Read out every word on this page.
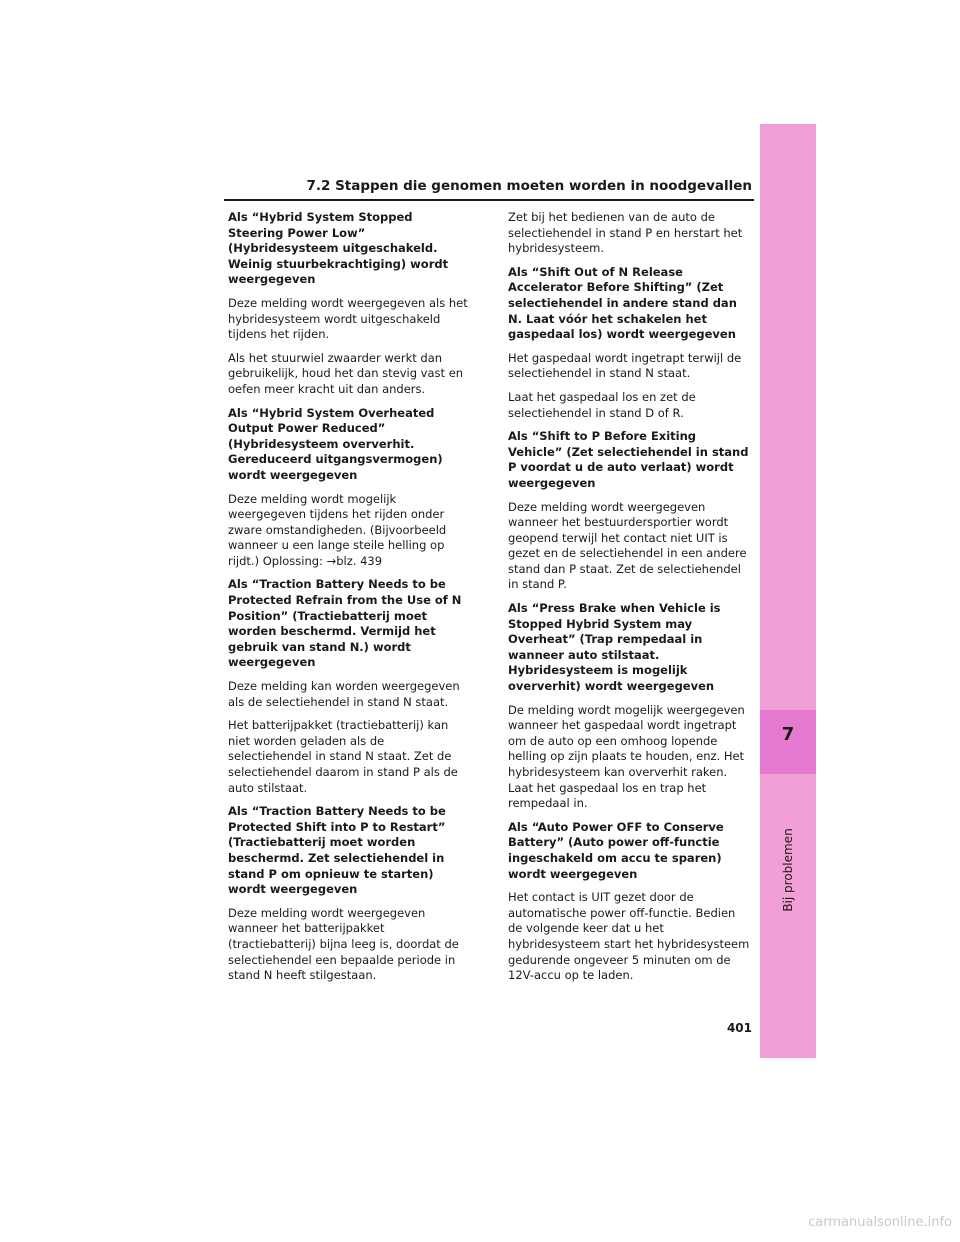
7.2 Stappen die genomen moeten worden in noodgevallen
7
Bij problemen

Als “Hybrid System Stopped Steering Power Low” (Hybridesysteem uitgeschakeld. Weinig stuurbekrachtiging) wordt weergegeven

Deze melding wordt weergegeven als het hybridesysteem wordt uitgeschakeld tijdens het rijden.

Als het stuurwiel zwaarder werkt dan gebruikelijk, houd het dan stevig vast en oefen meer kracht uit dan anders.

Als “Hybrid System Overheated Output Power Reduced” (Hybridesysteem oververhit. Gereduceerd uitgangsvermogen) wordt weergegeven

Deze melding wordt mogelijk weergegeven tijdens het rijden onder zware omstandigheden. (Bijvoorbeeld wanneer u een lange steile helling op rijdt.) Oplossing: →blz. 439

Als “Traction Battery Needs to be Protected Refrain from the Use of N Position” (Tractiebatterij moet worden beschermd. Vermijd het gebruik van stand N.) wordt weergegeven

Deze melding kan worden weergegeven als de selectiehendel in stand N staat.

Het batterijpakket (tractiebatterij) kan niet worden geladen als de selectiehendel in stand N staat. Zet de selectiehendel daarom in stand P als de auto stilstaat.

Als “Traction Battery Needs to be Protected Shift into P to Restart” (Tractiebatterij moet worden beschermd. Zet selectiehendel in stand P om opnieuw te starten) wordt weergegeven

Deze melding wordt weergegeven wanneer het batterijpakket (tractiebatterij) bijna leeg is, doordat de selectiehendel een bepaalde periode in stand N heeft stilgestaan.

Zet bij het bedienen van de auto de selectiehendel in stand P en herstart het hybridesysteem.

Als “Shift Out of N Release Accelerator Before Shifting” (Zet selectiehendel in andere stand dan N. Laat vóór het schakelen het gaspedaal los) wordt weergegeven

Het gaspedaal wordt ingetrapt terwijl de selectiehendel in stand N staat.

Laat het gaspedaal los en zet de selectiehendel in stand D of R.

Als “Shift to P Before Exiting Vehicle” (Zet selectiehendel in stand P voordat u de auto verlaat) wordt weergegeven

Deze melding wordt weergegeven wanneer het bestuurdersportier wordt geopend terwijl het contact niet UIT is gezet en de selectiehendel in een andere stand dan P staat. Zet de selectiehendel in stand P.

Als “Press Brake when Vehicle is Stopped Hybrid System may Overheat” (Trap rempedaal in wanneer auto stilstaat. Hybridesysteem is mogelijk oververhit) wordt weergegeven

De melding wordt mogelijk weergegeven wanneer het gaspedaal wordt ingetrapt om de auto op een omhoog lopende helling op zijn plaats te houden, enz. Het hybridesysteem kan oververhit raken. Laat het gaspedaal los en trap het rempedaal in.

Als “Auto Power OFF to Conserve Battery” (Auto power off-functie ingeschakeld om accu te sparen) wordt weergegeven

Het contact is UIT gezet door de automatische power off-functie. Bedien de volgende keer dat u het hybridesysteem start het hybridesysteem gedurende ongeveer 5 minuten om de 12V-accu op te laden.

401
carmanualsonline.info
